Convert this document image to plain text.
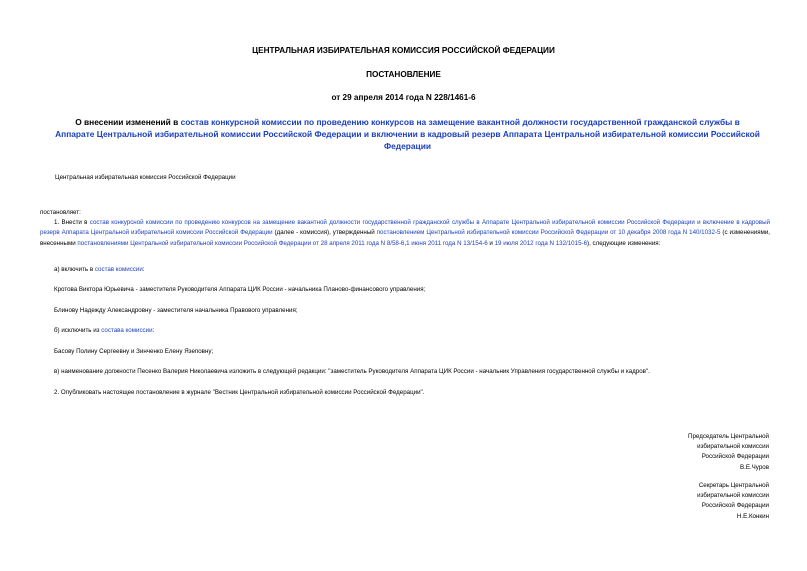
ЦЕНТРАЛЬНАЯ ИЗБИРАТЕЛЬНАЯ КОМИССИЯ РОССИЙСКОЙ ФЕДЕРАЦИИ
ПОСТАНОВЛЕНИЕ
от 29 апреля 2014 года N 228/1461-6
О внесении изменений в состав конкурсной комиссии по проведению конкурсов на замещение вакантной должности государственной гражданской службы в Аппарате Центральной избирательной комиссии Российской Федерации и включении в кадровый резерв Аппарата Центральной избирательной комиссии Российской Федерации
Центральная избирательная комиссия Российской Федерации
постановляет:
1. Внести в состав конкурсной комиссии по проведению конкурсов на замещение вакантной должности государственной гражданской службы в Аппарате Центральной избирательной комиссии Российской Федерации и включение в кадровый резерв Аппарата Центральной избирательной комиссии Российской Федерации (далее - комиссия), утвержденный постановлением Центральной избирательной комиссии Российской Федерации от 10 декабря 2008 года N 140/1032-5 (с изменениями, внесенными постановлениями Центральной избирательной комиссии Российской Федерации от 28 апреля 2011 года N 8/58-6,1 июня 2011 года N 13/154-6 и 19 июля 2012 года N 132/1015-6), следующие изменения:
а) включить в состав комиссии:
Кротова Виктора Юрьевича - заместителя Руководителя Аппарата ЦИК России - начальника Планово-финансового управления;
Блинову Надежду Александровну - заместителя начальника Правового управления;
б) исключить из состава комиссии:
Басову Полину Сергеевну и Зинченко Елену Язеповну;
в) наименование должности Песенко Валерия Николаевича изложить в следующей редакции: "заместитель Руководителя Аппарата ЦИК России - начальник Управления государственной службы и кадров".
2. Опубликовать настоящее постановление в журнале "Вестник Центральной избирательной комиссии Российской Федерации".
Председатель Центральной
избирательной комиссии
Российской Федерации
В.Е.Чуров
Секретарь Центральной
избирательной комиссии
Российской Федерации
Н.Е.Конкин
